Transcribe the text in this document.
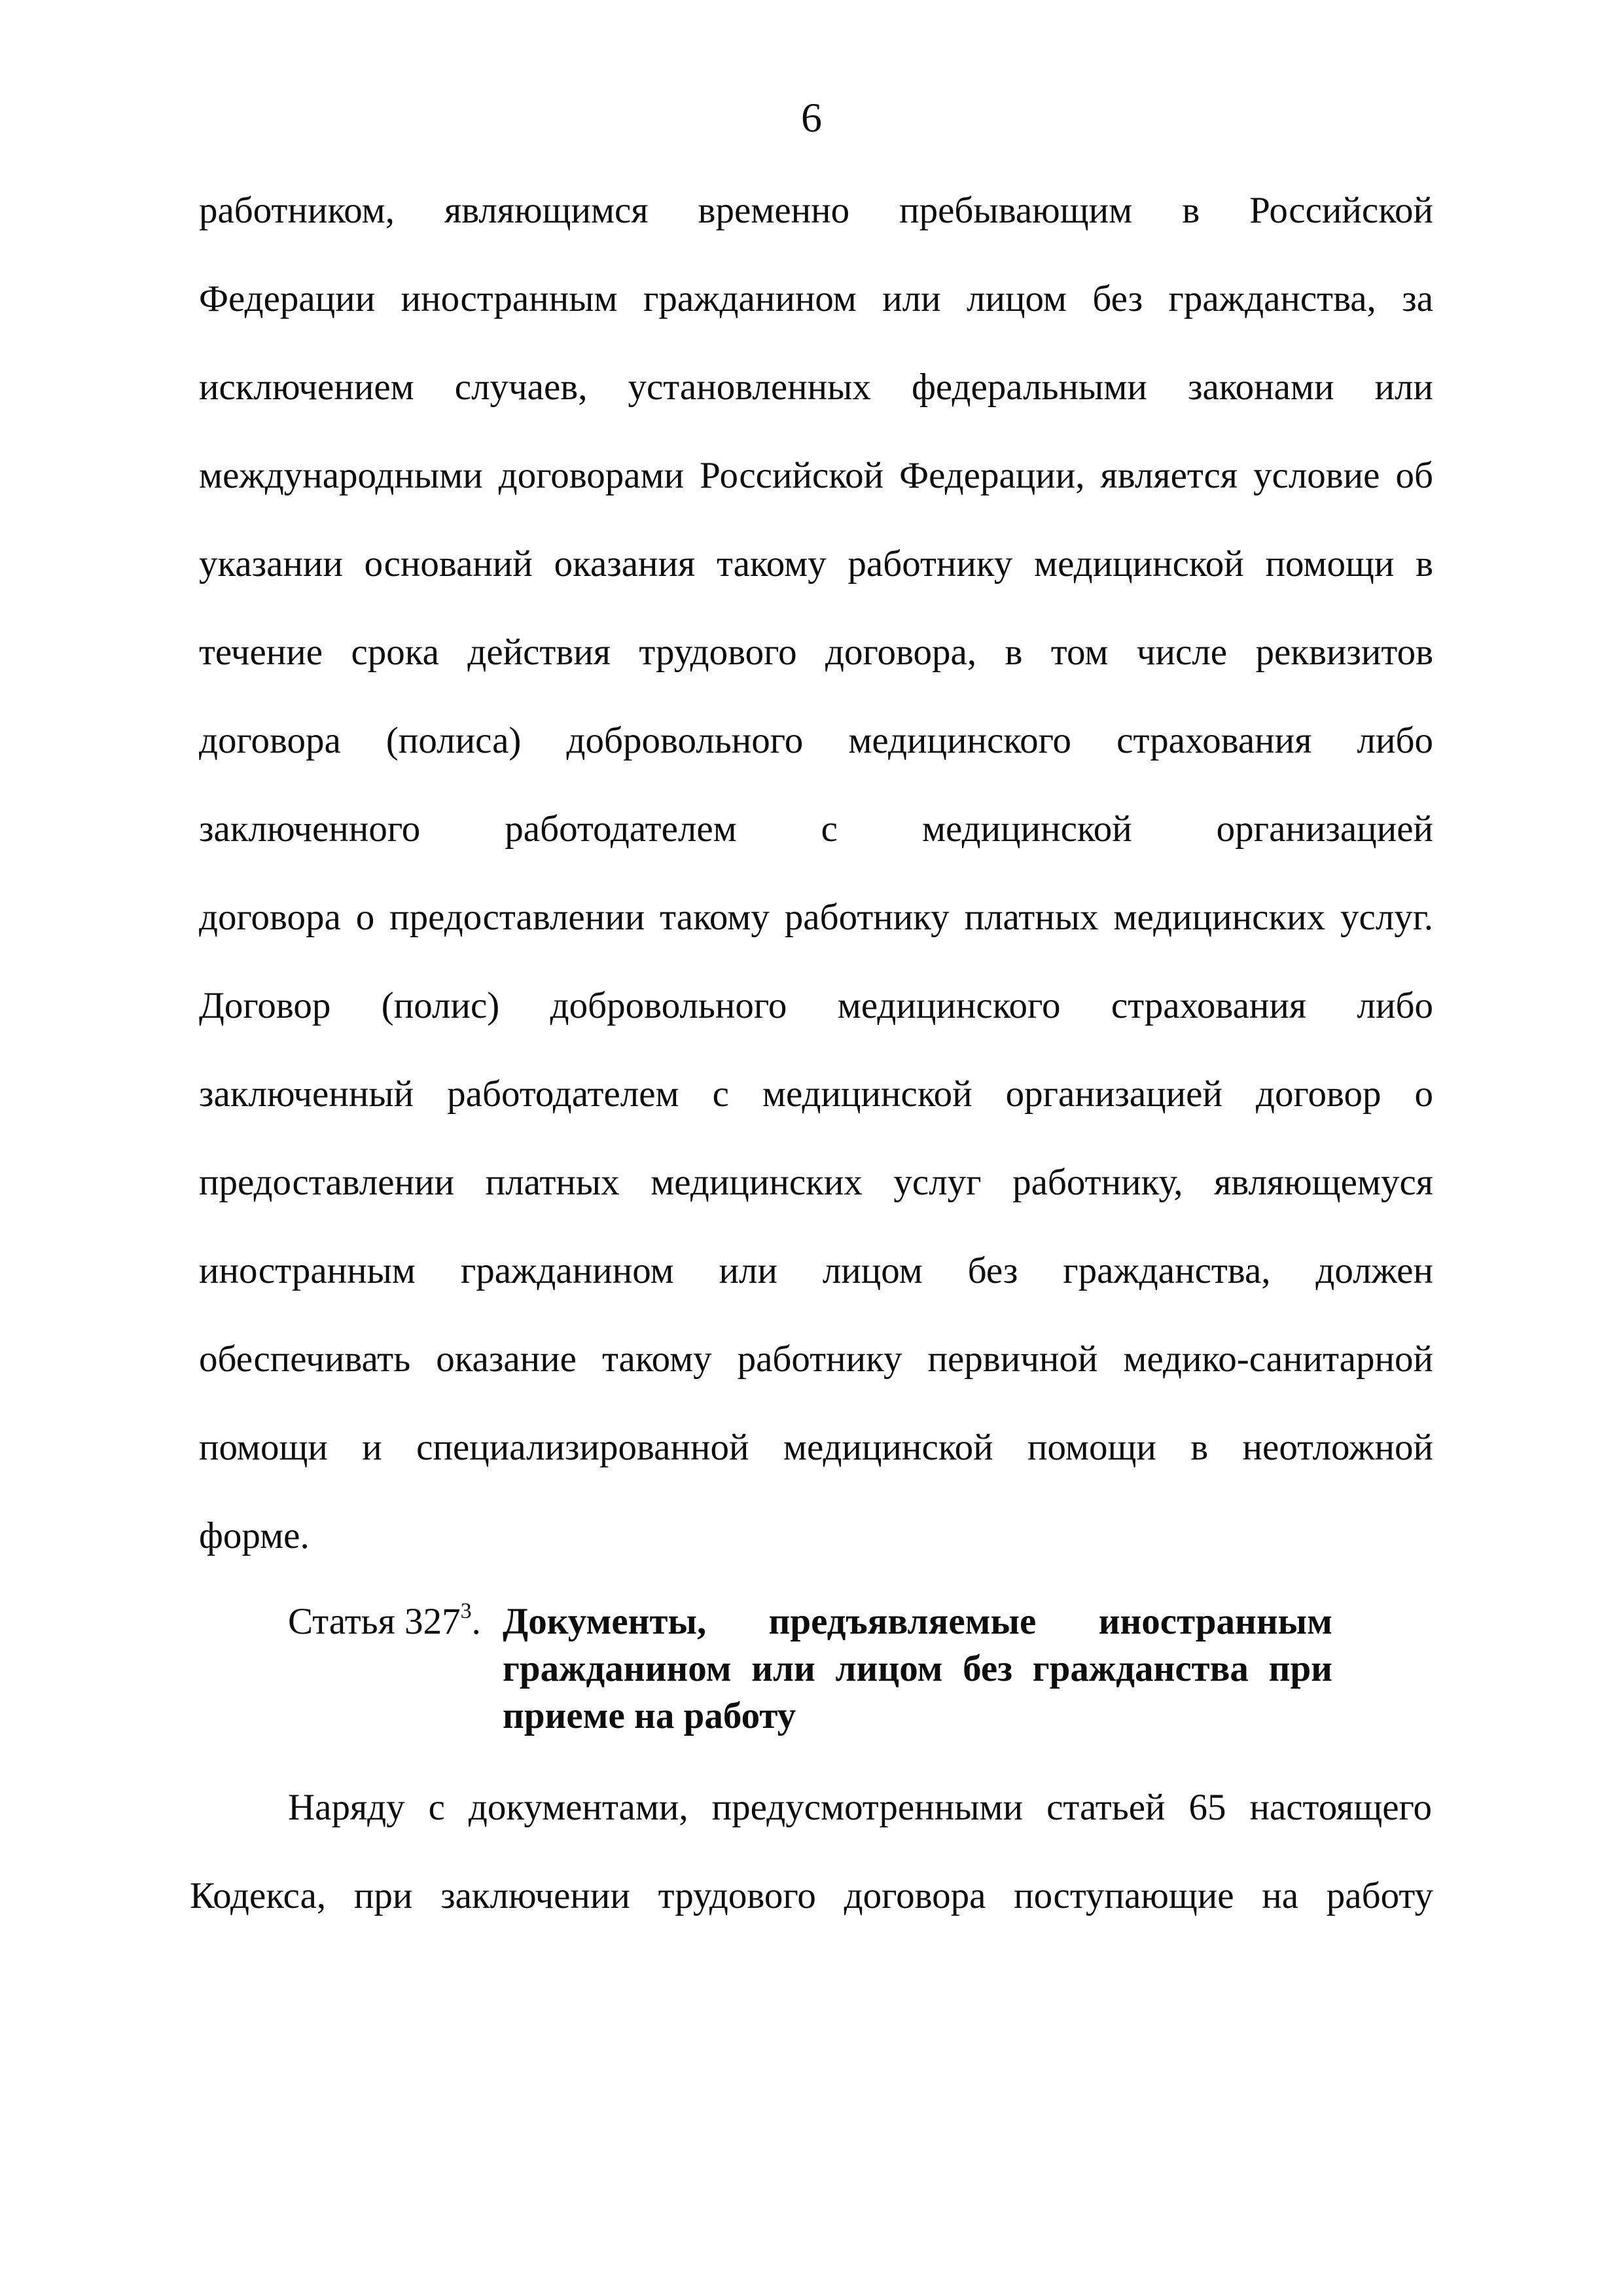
6
работником, являющимся временно пребывающим в Российской
Федерации иностранным гражданином или лицом без гражданства, за
исключением случаев, установленных федеральными законами или
международными договорами Российской Федерации, является условие об
указании оснований оказания такому работнику медицинской помощи в
течение срока действия трудового договора, в том числе реквизитов
договора (полиса) добровольного медицинского страхования либо
заключенного работодателем с медицинской организацией
договора о предоставлении такому работнику платных медицинских услуг.
Договор (полис) добровольного медицинского страхования либо
заключенный работодателем с медицинской организацией договор о
предоставлении платных медицинских услуг работнику, являющемуся
иностранным гражданином или лицом без гражданства, должен
обеспечивать оказание такому работнику первичной медико-санитарной
помощи и специализированной медицинской помощи в неотложной
форме.
Статья $327^3$. Документы, предъявляемые иностранным
гражданином или лицом без гражданства при
приеме на работу
Наряду с документами, предусмотренными статьей 65 настоящего
Кодекса, при заключении трудового договора поступающие на работу
